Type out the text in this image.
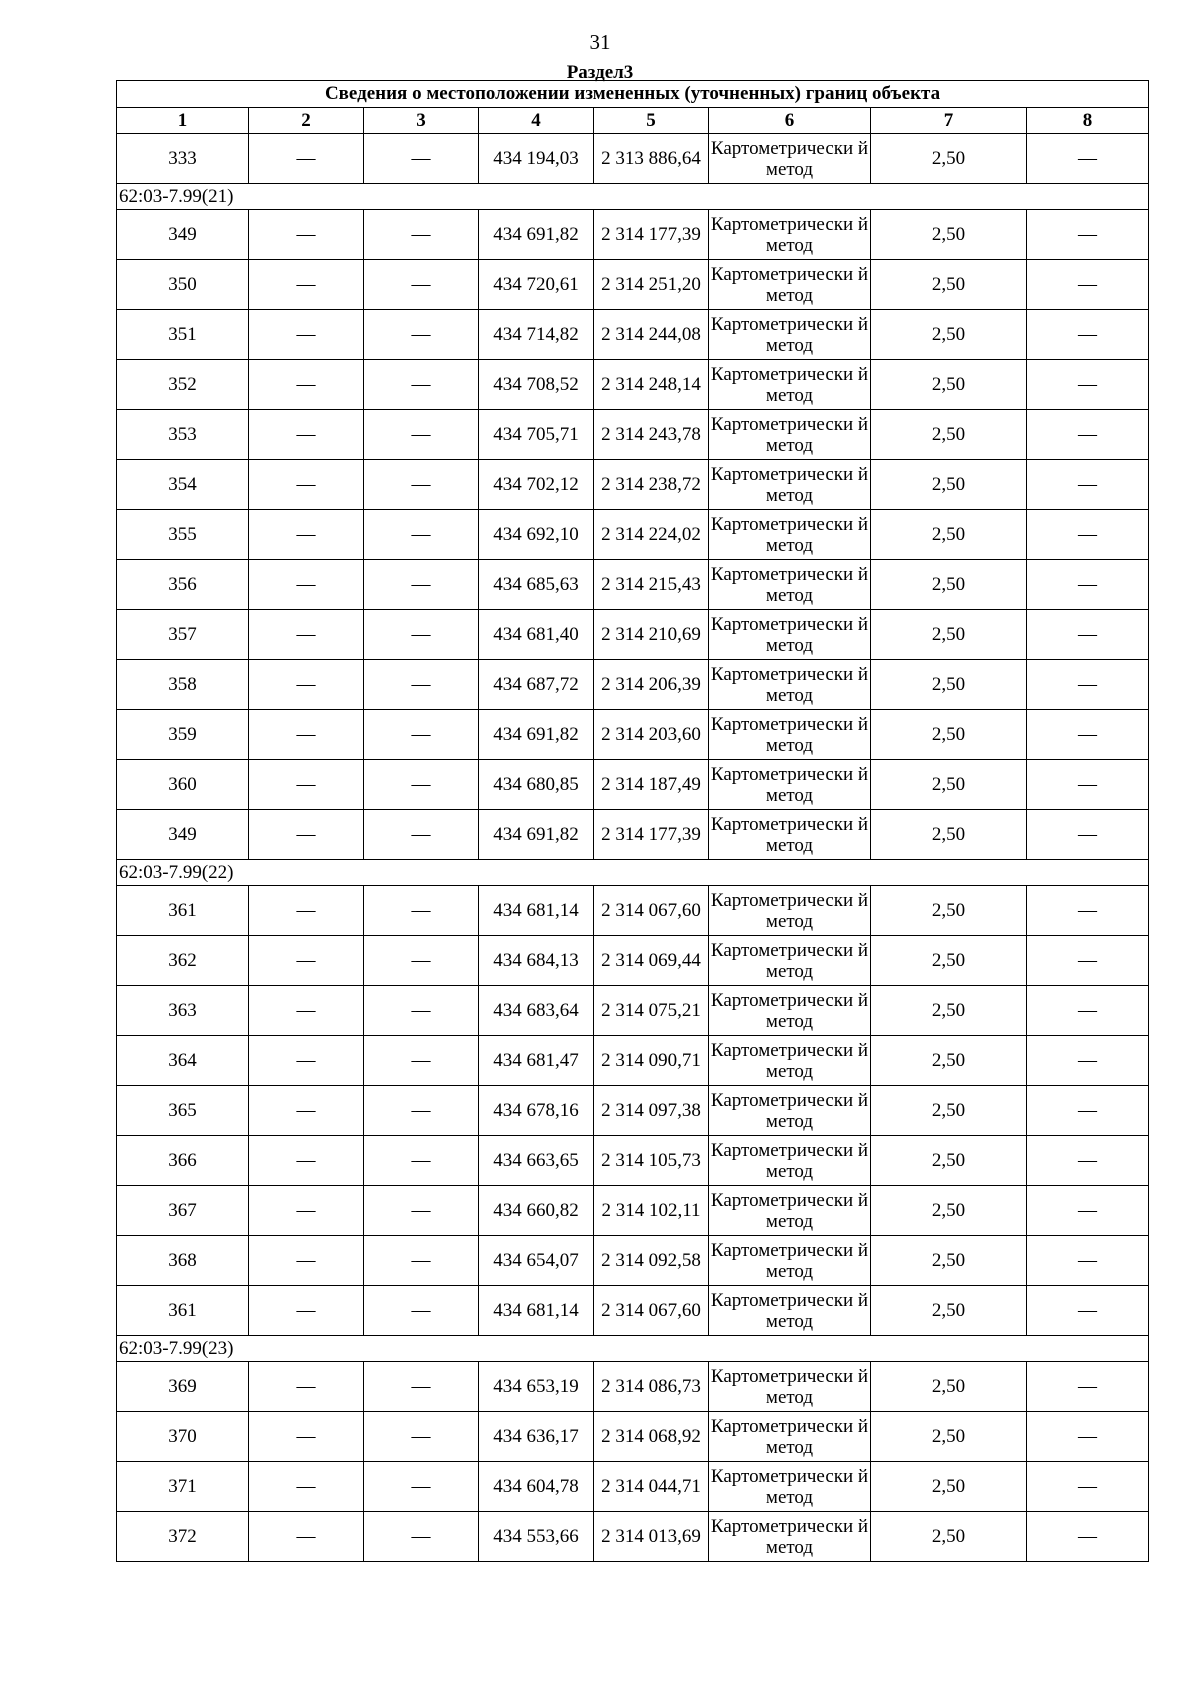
31
Раздел3
Сведения о местоположении измененных (уточненных) границ объекта							
1	2	3	4	5	6	7	8
333	—	—	434 194,03	2 313 886,64	Картометрически й метод	2,50	—
62:03-7.99(21)							
349	—	—	434 691,82	2 314 177,39	Картометрически й метод	2,50	—
350	—	—	434 720,61	2 314 251,20	Картометрически й метод	2,50	—
351	—	—	434 714,82	2 314 244,08	Картометрически й метод	2,50	—
352	—	—	434 708,52	2 314 248,14	Картометрически й метод	2,50	—
353	—	—	434 705,71	2 314 243,78	Картометрически й метод	2,50	—
354	—	—	434 702,12	2 314 238,72	Картометрически й метод	2,50	—
355	—	—	434 692,10	2 314 224,02	Картометрически й метод	2,50	—
356	—	—	434 685,63	2 314 215,43	Картометрически й метод	2,50	—
357	—	—	434 681,40	2 314 210,69	Картометрически й метод	2,50	—
358	—	—	434 687,72	2 314 206,39	Картометрически й метод	2,50	—
359	—	—	434 691,82	2 314 203,60	Картометрически й метод	2,50	—
360	—	—	434 680,85	2 314 187,49	Картометрически й метод	2,50	—
349	—	—	434 691,82	2 314 177,39	Картометрически й метод	2,50	—
62:03-7.99(22)							
361	—	—	434 681,14	2 314 067,60	Картометрически й метод	2,50	—
362	—	—	434 684,13	2 314 069,44	Картометрически й метод	2,50	—
363	—	—	434 683,64	2 314 075,21	Картометрически й метод	2,50	—
364	—	—	434 681,47	2 314 090,71	Картометрически й метод	2,50	—
365	—	—	434 678,16	2 314 097,38	Картометрически й метод	2,50	—
366	—	—	434 663,65	2 314 105,73	Картометрически й метод	2,50	—
367	—	—	434 660,82	2 314 102,11	Картометрически й метод	2,50	—
368	—	—	434 654,07	2 314 092,58	Картометрически й метод	2,50	—
361	—	—	434 681,14	2 314 067,60	Картометрически й метод	2,50	—
62:03-7.99(23)							
369	—	—	434 653,19	2 314 086,73	Картометрически й метод	2,50	—
370	—	—	434 636,17	2 314 068,92	Картометрически й метод	2,50	—
371	—	—	434 604,78	2 314 044,71	Картометрически й метод	2,50	—
372	—	—	434 553,66	2 314 013,69	Картометрически й метод	2,50	—
